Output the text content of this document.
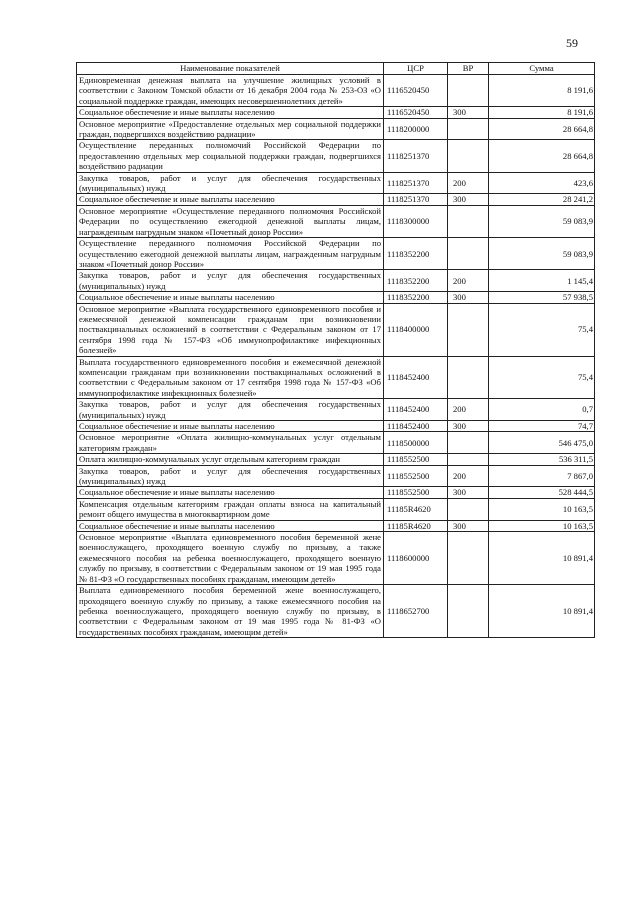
59
Наименование показателей	ЦСР	ВР	Сумма
Единовременная денежная выплата на улучшение жилищных условий в соответствии с Законом Томской области от 16 декабря 2004 года № 253-ОЗ «О социальной поддержке граждан, имеющих несовершеннолетних детей»	1116520450		8 191,6
Социальное обеспечение и иные выплаты населению	1116520450	300	8 191,6
Основное мероприятие «Предоставление отдельных мер социальной поддержки граждан, подвергшихся воздействию радиации»	1118200000		28 664,8
Осуществление переданных полномочий Российской Федерации по предоставлению отдельных мер социальной поддержки граждан, подвергшихся воздействию радиации	1118251370		28 664,8
Закупка товаров, работ и услуг для обеспечения государственных (муниципальных) нужд	1118251370	200	423,6
Социальное обеспечение и иные выплаты населению	1118251370	300	28 241,2
Основное мероприятие «Осуществление переданного полномочия Российской Федерации по осуществлению ежегодной денежной выплаты лицам, награжденным нагрудным знаком «Почетный донор России»	1118300000		59 083,9
Осуществление переданного полномочия Российской Федерации по осуществлению ежегодной денежной выплаты лицам, награжденным нагрудным знаком «Почетный донор России»	1118352200		59 083,9
Закупка товаров, работ и услуг для обеспечения государственных (муниципальных) нужд	1118352200	200	1 145,4
Социальное обеспечение и иные выплаты населению	1118352200	300	57 938,5
Основное мероприятие «Выплата государственного единовременного пособия и ежемесячной денежной компенсации гражданам при возникновении поствакцинальных осложнений в соответствии с Федеральным законом от 17 сентября 1998 года № 157-ФЗ «Об иммунопрофилактике инфекционных болезней»	1118400000		75,4
Выплата государственного единовременного пособия и ежемесячной денежной компенсации гражданам при возникновении поствакцинальных осложнений в соответствии с Федеральным законом от 17 сентября 1998 года № 157-ФЗ «Об иммунопрофилактике инфекционных болезней»	1118452400		75,4
Закупка товаров, работ и услуг для обеспечения государственных (муниципальных) нужд	1118452400	200	0,7
Социальное обеспечение и иные выплаты населению	1118452400	300	74,7
Основное мероприятие «Оплата жилищно-коммунальных услуг отдельным категориям граждан»	1118500000		546 475,0
Оплата жилищно-коммунальных услуг отдельным категориям граждан	1118552500		536 311,5
Закупка товаров, работ и услуг для обеспечения государственных (муниципальных) нужд	1118552500	200	7 867,0
Социальное обеспечение и иные выплаты населению	1118552500	300	528 444,5
Компенсация отдельным категориям граждан оплаты взноса на капитальный ремонт общего имущества в многоквартирном доме	11185R4620		10 163,5
Социальное обеспечение и иные выплаты населению	11185R4620	300	10 163,5
Основное мероприятие «Выплата единовременного пособия беременной жене военнослужащего, проходящего военную службу по призыву, а также ежемесячного пособия на ребенка военнослужащего, проходящего военную службу по призыву, в соответствии с Федеральным законом от 19 мая 1995 года № 81-ФЗ «О государственных пособиях гражданам, имеющим детей»	1118600000		10 891,4
Выплата единовременного пособия беременной жене военнослужащего, проходящего военную службу по призыву, а также ежемесячного пособия на ребенка военнослужащего, проходящего военную службу по призыву, в соответствии с Федеральным законом от 19 мая 1995 года № 81-ФЗ «О государственных пособиях гражданам, имеющим детей»	1118652700		10 891,4
